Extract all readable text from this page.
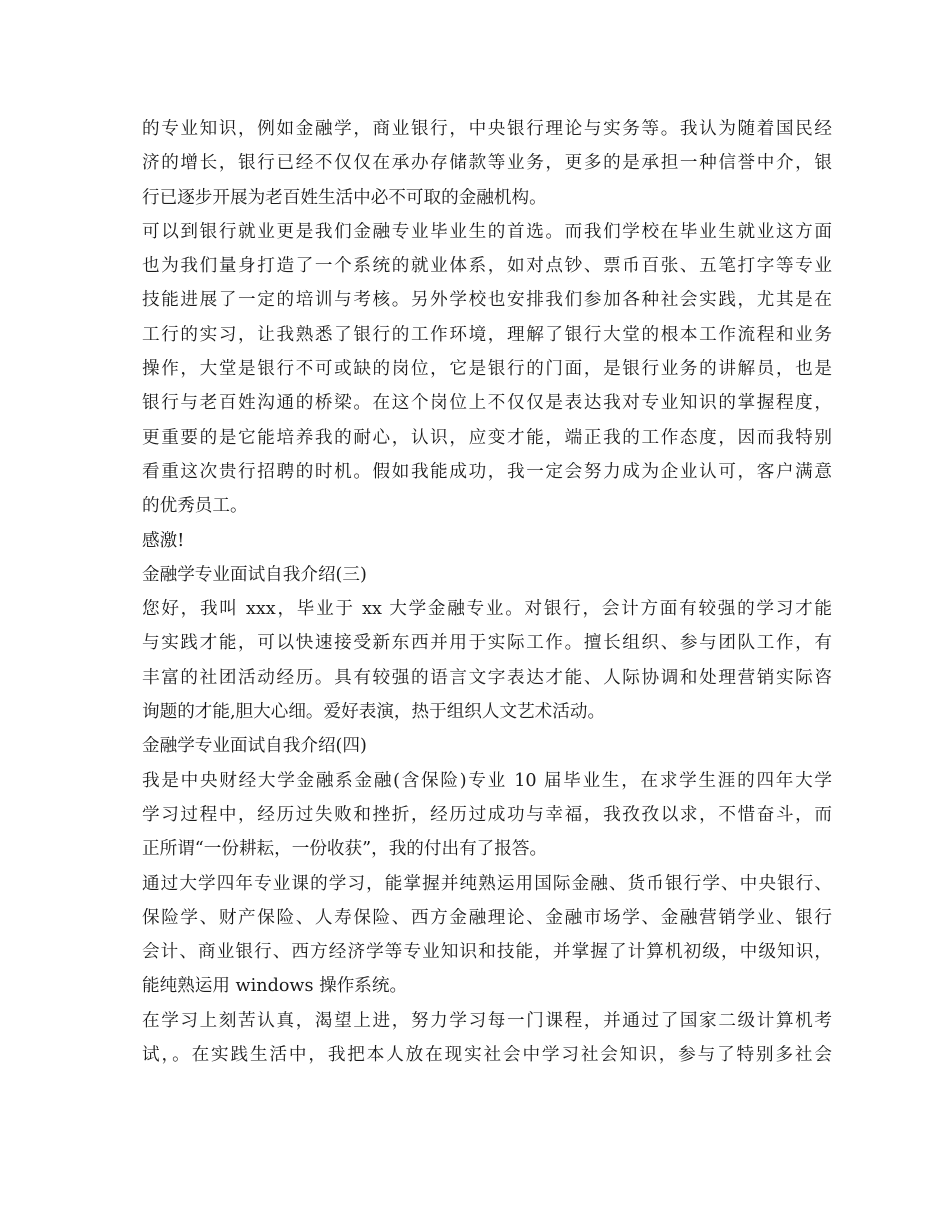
的专业知识，例如金融学，商业银行，中央银行理论与实务等。我认为随着国民经
济的增长，银行已经不仅仅在承办存储款等业务，更多的是承担一种信誉中介，银
行已逐步开展为老百姓生活中必不可取的金融机构。
可以到银行就业更是我们金融专业毕业生的首选。而我们学校在毕业生就业这方面
也为我们量身打造了一个系统的就业体系，如对点钞、票币百张、五笔打字等专业
技能进展了一定的培训与考核。另外学校也安排我们参加各种社会实践，尤其是在
工行的实习，让我熟悉了银行的工作环境，理解了银行大堂的根本工作流程和业务
操作，大堂是银行不可或缺的岗位，它是银行的门面，是银行业务的讲解员，也是
银行与老百姓沟通的桥梁。在这个岗位上不仅仅是表达我对专业知识的掌握程度，
更重要的是它能培养我的耐心，认识，应变才能，端正我的工作态度，因而我特别
看重这次贵行招聘的时机。假如我能成功，我一定会努力成为企业认可，客户满意
的优秀员工。
感激!
金融学专业面试自我介绍(三)
您好，我叫 xxx，毕业于 xx 大学金融专业。对银行，会计方面有较强的学习才能
与实践才能，可以快速接受新东西并用于实际工作。擅长组织、参与团队工作，有
丰富的社团活动经历。具有较强的语言文字表达才能、人际协调和处理营销实际咨
询题的才能,胆大心细。爱好表演，热于组织人文艺术活动。
金融学专业面试自我介绍(四)
我是中央财经大学金融系金融(含保险)专业 10 届毕业生，在求学生涯的四年大学
学习过程中，经历过失败和挫折，经历过成功与幸福，我孜孜以求，不惜奋斗，而
正所谓“一份耕耘，一份收获”，我的付出有了报答。
通过大学四年专业课的学习，能掌握并纯熟运用国际金融、货币银行学、中央银行、
保险学、财产保险、人寿保险、西方金融理论、金融市场学、金融营销学业、银行
会计、商业银行、西方经济学等专业知识和技能，并掌握了计算机初级，中级知识，
能纯熟运用 windows 操作系统。
在学习上刻苦认真，渴望上进，努力学习每一门课程，并通过了国家二级计算机考
试，。在实践生活中，我把本人放在现实社会中学习社会知识，参与了特别多社会
